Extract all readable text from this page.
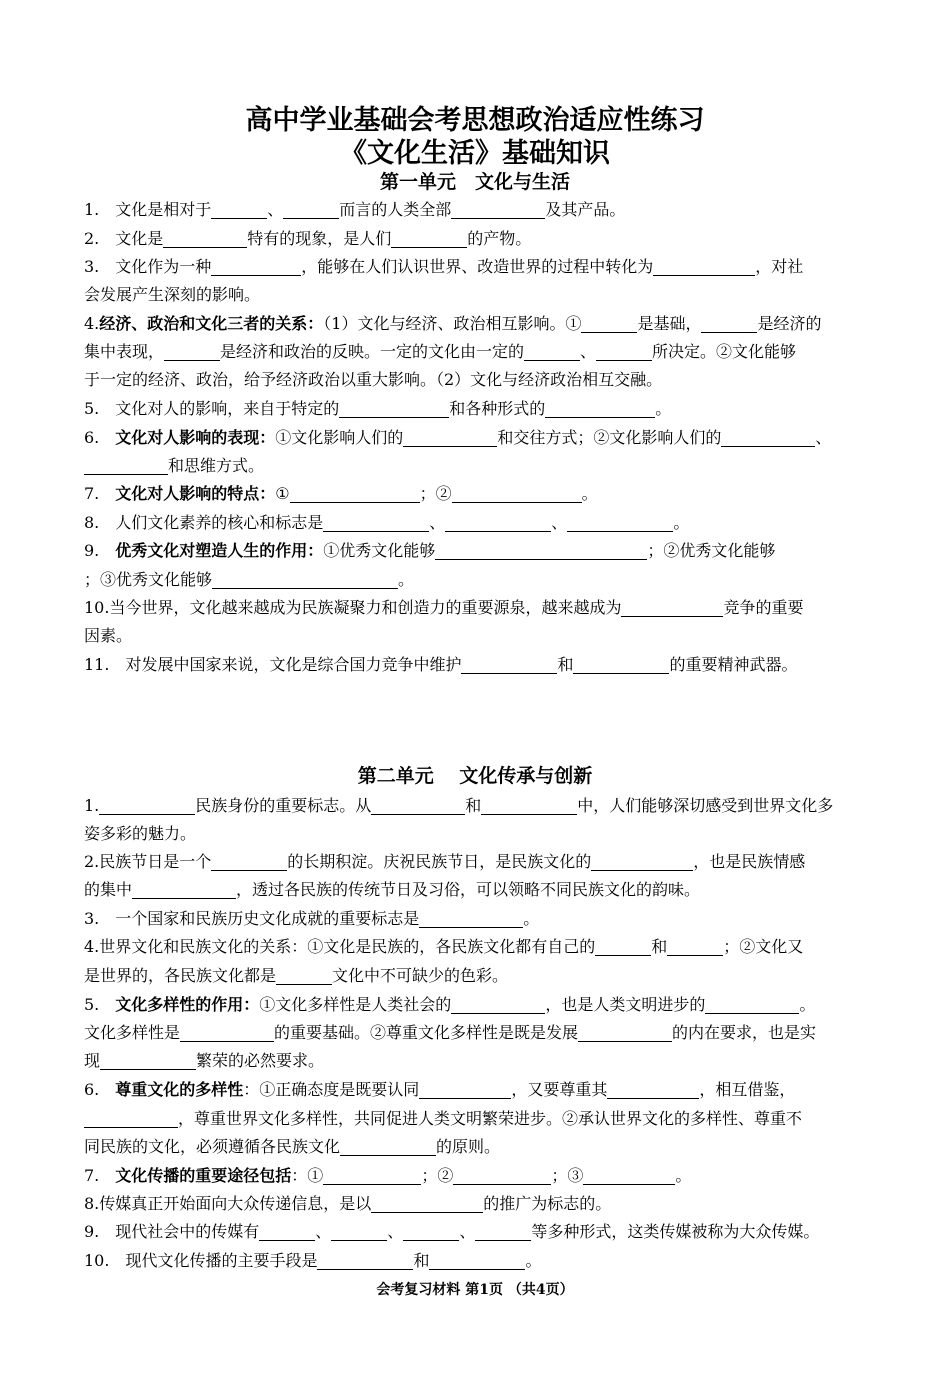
高中学业基础会考思想政治适应性练习
《文化生活》基础知识
第一单元　文化与生活
1.　文化是相对于	、	而言的人类全部	及其产品。
2.　文化是	特有的现象，是人们	的产物。
3.　文化作为一种	，能够在人们认识世界、改造世界的过程中转化为	，对社
会发展产生深刻的影响。
4.经济、政治和文化三者的关系：（1）文化与经济、政治相互影响。①	是基础，	是经济的
集中表现，	是经济和政治的反映。一定的文化由一定的	、	所决定。②文化能够
于一定的经济、政治，给予经济政治以重大影响。（2）文化与经济政治相互交融。
5.　文化对人的影响，来自于特定的	和各种形式的	。
6.　文化对人影响的表现：①文化影响人们的	和交往方式；②文化影响人们的	、
和思维方式。
7.　文化对人影响的特点：①	；②	。
8.　人们文化素养的核心和标志是	、	、	。
9.　优秀文化对塑造人生的作用：①优秀文化能够	；②优秀文化能够
；③优秀文化能够	。
10.当今世界，文化越来越成为民族凝聚力和创造力的重要源泉，越来越成为	竞争的重要
因素。
11.　对发展中国家来说，文化是综合国力竞争中维护	和	的重要精神武器。
第二单元　 文化传承与创新
1.	民族身份的重要标志。从	和	中，人们能够深切感受到世界文化多
姿多彩的魅力。
2.民族节日是一个	的长期积淀。庆祝民族节日，是民族文化的	，也是民族情感
的集中	，透过各民族的传统节日及习俗，可以领略不同民族文化的韵味。
3.　一个国家和民族历史文化成就的重要标志是	。
4.世界文化和民族文化的关系：①文化是民族的，各民族文化都有自己的	和	；②文化又
是世界的，各民族文化都是	文化中不可缺少的色彩。
5.　文化多样性的作用：①文化多样性是人类社会的	，也是人类文明进步的	。
文化多样性是	的重要基础。②尊重文化多样性是既是发展	的内在要求，也是实
现	繁荣的必然要求。
6.　尊重文化的多样性：①正确态度是既要认同	，又要尊重其	，相互借鉴，
，尊重世界文化多样性，共同促进人类文明繁荣进步。②承认世界文化的多样性、尊重不
同民族的文化，必须遵循各民族文化	的原则。
7.　文化传播的重要途径包括：①	；②	；③	。
8.传媒真正开始面向大众传递信息，是以	的推广为标志的。
9.　现代社会中的传媒有	、	、	、	等多种形式，这类传媒被称为大众传媒。
10.　现代文化传播的主要手段是	和	。
会考复习材料 第1页 （共4页）
